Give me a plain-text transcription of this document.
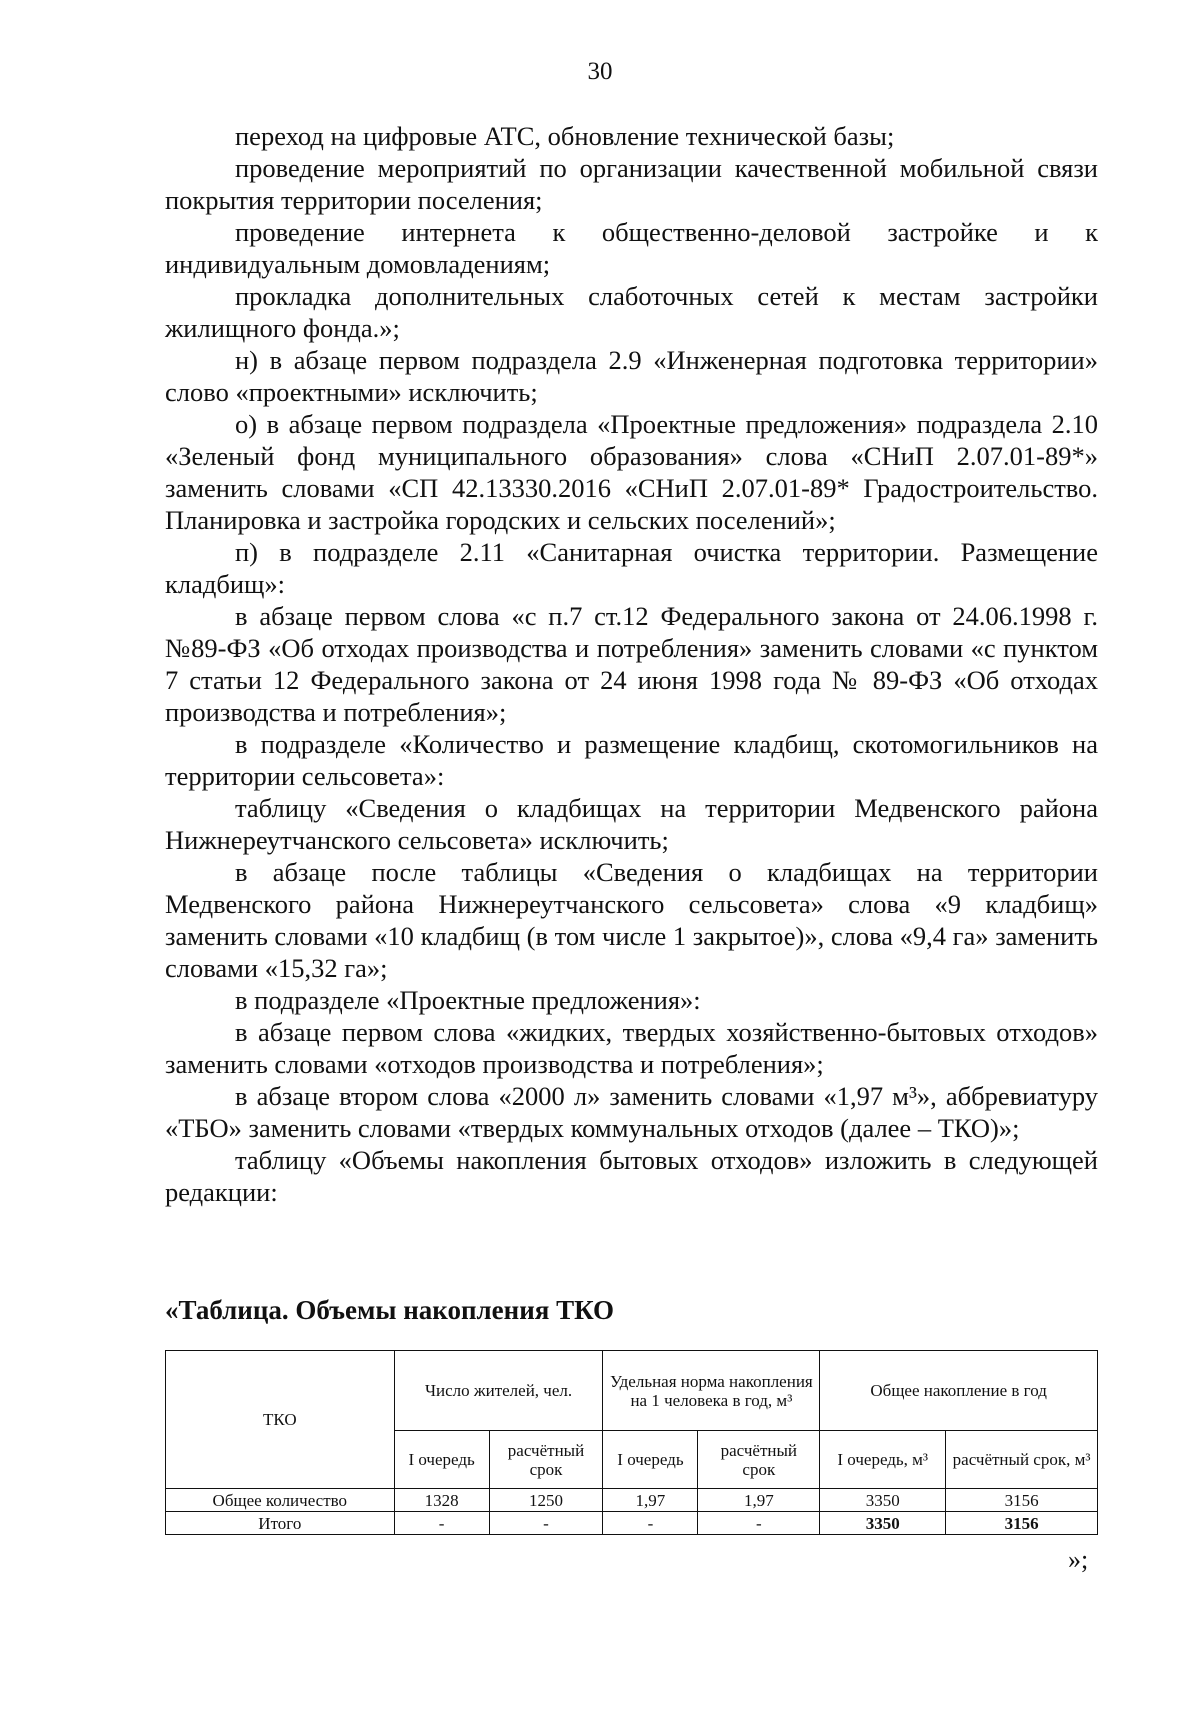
30

переход на цифровые АТС, обновление технической базы;

проведение мероприятий по организации качественной мобильной связи покрытия территории поселения;

проведение интернета к общественно-деловой застройке и к индивидуальным домовладениям;

прокладка дополнительных слаботочных сетей к местам застройки жилищного фонда.»;

н) в абзаце первом подраздела 2.9 «Инженерная подготовка территории» слово «проектными» исключить;

о) в абзаце первом подраздела «Проектные предложения» подраздела 2.10 «Зеленый фонд муниципального образования» слова «СНиП 2.07.01-89*» заменить словами «СП 42.13330.2016 «СНиП 2.07.01-89* Градостроительство. Планировка и застройка городских и сельских поселений»;

п) в подразделе 2.11 «Санитарная очистка территории. Размещение кладбищ»:

в абзаце первом слова «с п.7 ст.12 Федерального закона от 24.06.1998 г. №89-ФЗ «Об отходах производства и потребления» заменить словами «с пунктом 7 статьи 12 Федерального закона от 24 июня 1998 года № 89-ФЗ «Об отходах производства и потребления»;

в подразделе «Количество и размещение кладбищ, скотомогильников на территории сельсовета»:

таблицу «Сведения о кладбищах на территории Медвенского района Нижнереутчанского сельсовета» исключить;

в абзаце после таблицы «Сведения о кладбищах на территории Медвенского района Нижнереутчанского сельсовета» слова «9 кладбищ» заменить словами «10 кладбищ (в том числе 1 закрытое)», слова «9,4 га» заменить словами «15,32 га»;

в подразделе «Проектные предложения»:

в абзаце первом слова «жидких, твердых хозяйственно-бытовых отходов» заменить словами «отходов производства и потребления»;

в абзаце втором слова «2000 л» заменить словами «1,97 м³», аббревиатуру «ТБО» заменить словами «твердых коммунальных отходов (далее – ТКО)»;

таблицу «Объемы накопления бытовых отходов» изложить в следующей редакции:

«Таблица. Объемы накопления ТКО
ТКО	Число жителей, чел.		Удельная норма накопления на 1 человека в год, м³		Общее накопление в год	
	I очередь	расчётный срок	I очередь	расчётный срок	I очередь, м³	расчётный срок, м³
Общее количество	1328	1250	1,97	1,97	3350	3156
Итого	-	-	-	-	3350	3156
»;
